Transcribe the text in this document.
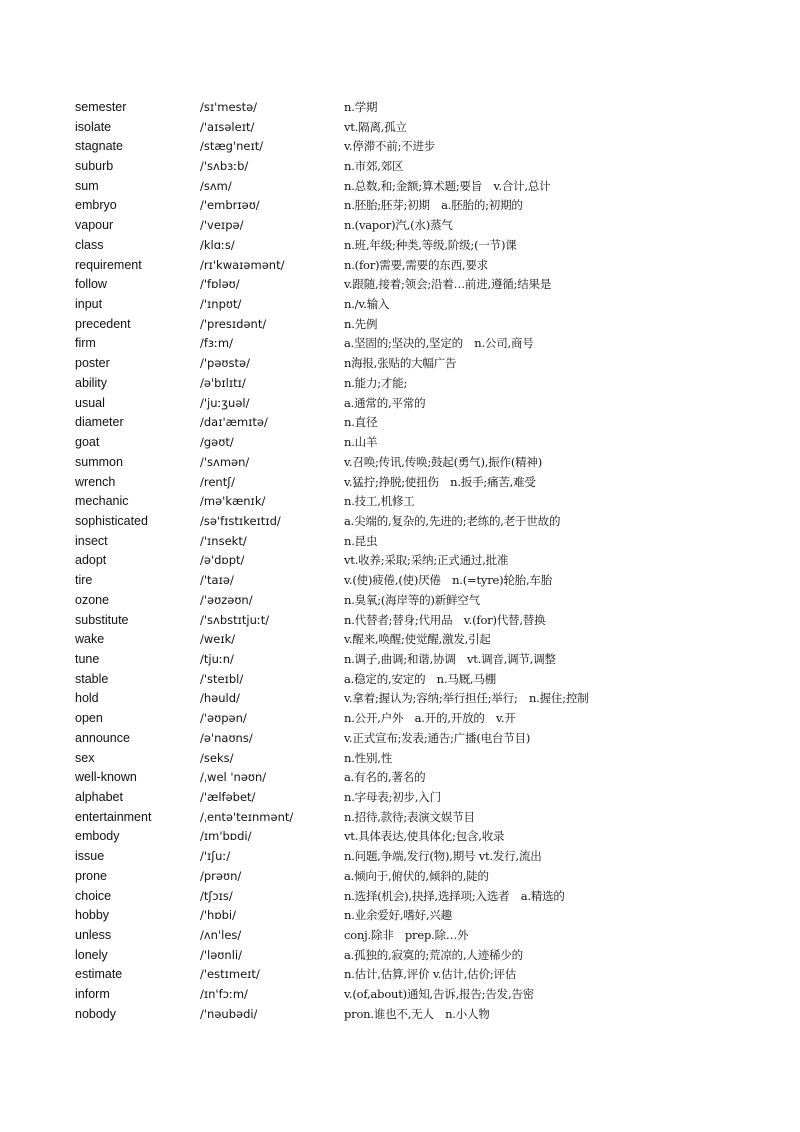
semester	/sɪ'mestə/	n.学期
isolate	/'aɪsəleɪt/	vt.隔离,孤立
stagnate	/stæg'neɪt/	v.停滞不前;不进步
suburb	/'sʌbɜːb/	n.市郊,郊区
sum	/sʌm/	n.总数,和;金额;算术题;要旨　v.合计,总计
embryo	/'embrɪəʊ/	n.胚胎;胚芽;初期　a.胚胎的;初期的
vapour	/'veɪpə/	n.(vapor)汽,(水)蒸气
class	/klɑːs/	n.班,年级;种类,等级,阶级;(一节)课
requirement	/rɪ'kwaɪəmənt/	n.(for)需要,需要的东西,要求
follow	/'fɒləʊ/	v.跟随,接着;领会;沿着…前进,遵循;结果是
input	/'ɪnpʊt/	n./v.输入
precedent	/'presɪdənt/	n.先例
firm	/fɜːm/	a.坚固的;坚决的,坚定的　n.公司,商号
poster	/'pəʊstə/	n海报,张贴的大幅广告
ability	/ə'bɪlɪtɪ/	n.能力;才能;
usual	/'juːʒuəl/	a.通常的,平常的
diameter	/daɪ'æmɪtə/	n.直径
goat	/gəʊt/	n.山羊
summon	/'sʌmən/	v.召唤;传讯,传唤;鼓起(勇气),振作(精神)
wrench	/rentʃ/	v.猛拧;挣脱;使扭伤　n.扳手;痛苦,难受
mechanic	/mə'kænɪk/	n.技工,机修工
sophisticated	/sə'fɪstɪkeɪtɪd/	a.尖端的,复杂的,先进的;老练的,老于世故的
insect	/'ɪnsekt/	n.昆虫
adopt	/ə'dɒpt/	vt.收养;采取;采纳;正式通过,批准
tire	/'taɪə/	v.(使)疲倦,(使)厌倦　n.(=tyre)轮胎,车胎
ozone	/'əʊzəʊn/	n.臭氧;(海岸等的)新鲜空气
substitute	/'sʌbstɪtjuːt/	n.代替者;替身;代用品　v.(for)代替,替换
wake	/weɪk/	v.醒来,唤醒;使觉醒,激发,引起
tune	/tjuːn/	n.调子,曲调;和谐,协调　vt.调音,调节,调整
stable	/'steɪbl/	a.稳定的,安定的　n.马厩,马棚
hold	/həuld/	v.拿着;握认为;容纳;举行担任;举行;　n.握住;控制
open	/'əʊpən/	n.公开,户外　a.开的,开放的　v.开
announce	/ə'naʊns/	v.正式宣布;发表;通告;广播(电台节目)
sex	/seks/	n.性别,性
well-known	/ˌwel 'nəʊn/	a.有名的,著名的
alphabet	/'ælfəbet/	n.字母表;初步,入门
entertainment	/ˌentə'teɪnmənt/	n.招待,款待;表演文娱节目
embody	/ɪm'bɒdi/	vt.具体表达,使具体化;包含,收录
issue	/'ɪʃuː/	n.问题,争端,发行(物),期号 vt.发行,流出
prone	/prəʊn/	a.倾向于,俯伏的,倾斜的,陡的
choice	/tʃɔɪs/	n.选择(机会),抉择,选择项;入选者　a.精选的
hobby	/'hɒbi/	n.业余爱好,嗜好,兴趣
unless	/ʌn'les/	conj.除非　prep.除…外
lonely	/'ləʊnli/	a.孤独的,寂寞的;荒凉的,人迹稀少的
estimate	/'estɪmeɪt/	n.估计,估算,评价 v.估计,估价;评估
inform	/ɪn'fɔːm/	v.(of,about)通知,告诉,报告;告发,告密
nobody	/'nəubədi/	pron.谁也不,无人　n.小人物
